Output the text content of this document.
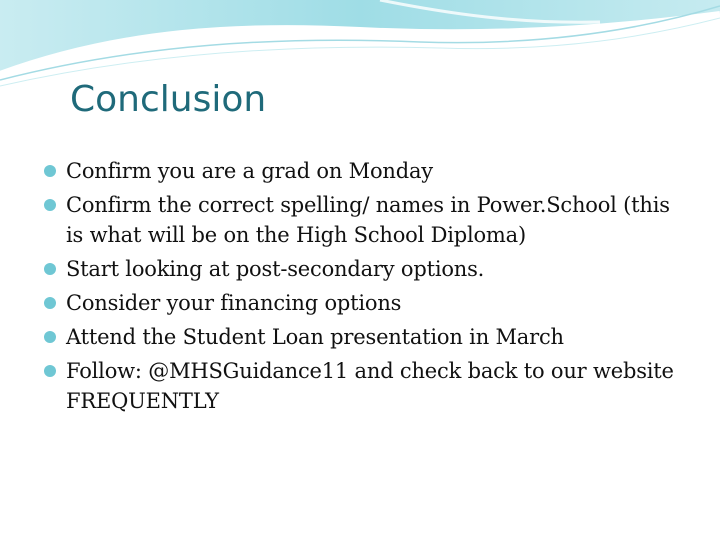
Conclusion
Confirm you are a grad on Monday
Confirm the correct spelling/ names in Power.School (this is what will be on the High School Diploma)
Start looking at post-secondary options.
Consider your financing options
Attend the Student Loan presentation in March
Follow: @MHSGuidance11 and check back to our website FREQUENTLY
